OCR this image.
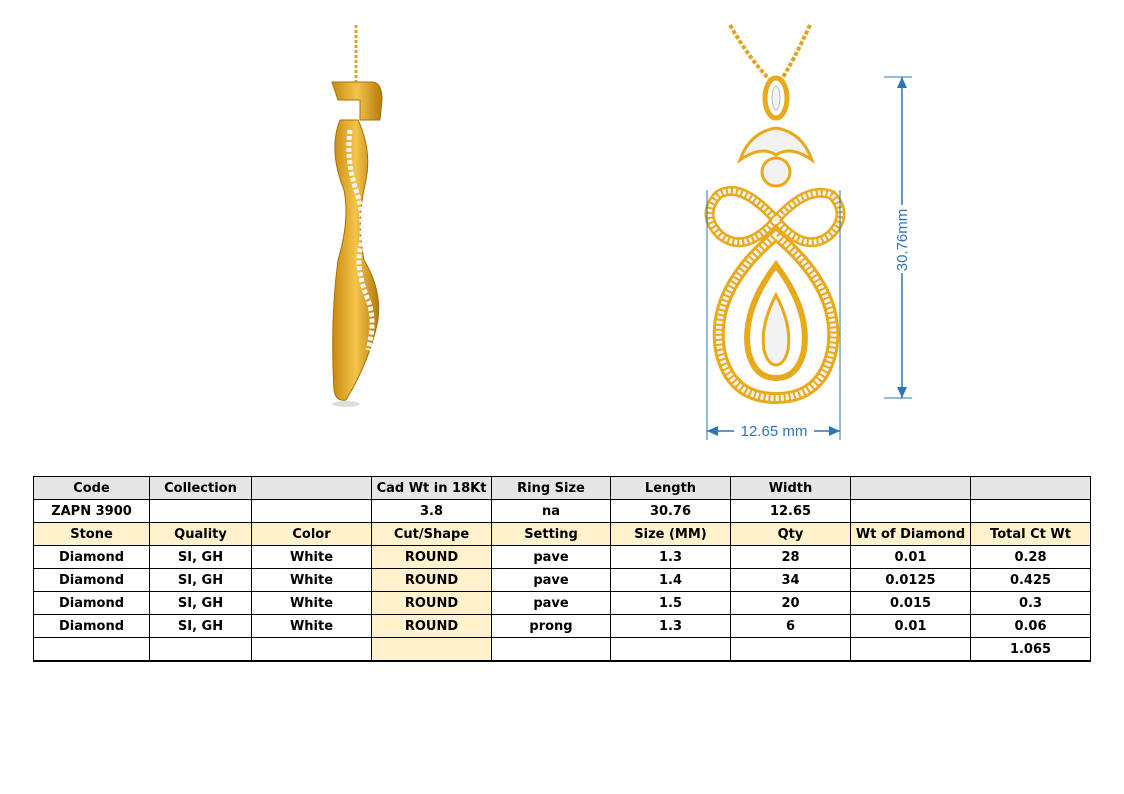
30.76mm
12.65 mm
Code	Collection		Cad Wt in 18Kt	Ring Size	Length	Width		
ZAPN 3900			3.8	na	30.76	12.65		
Stone	Quality	Color	Cut/Shape	Setting	Size (MM)	Qty	Wt of Diamond	Total Ct Wt
Diamond	SI, GH	White	ROUND	pave	1.3	28	0.01	0.28
Diamond	SI, GH	White	ROUND	pave	1.4	34	0.0125	0.425
Diamond	SI, GH	White	ROUND	pave	1.5	20	0.015	0.3
Diamond	SI, GH	White	ROUND	prong	1.3	6	0.01	0.06
								1.065
